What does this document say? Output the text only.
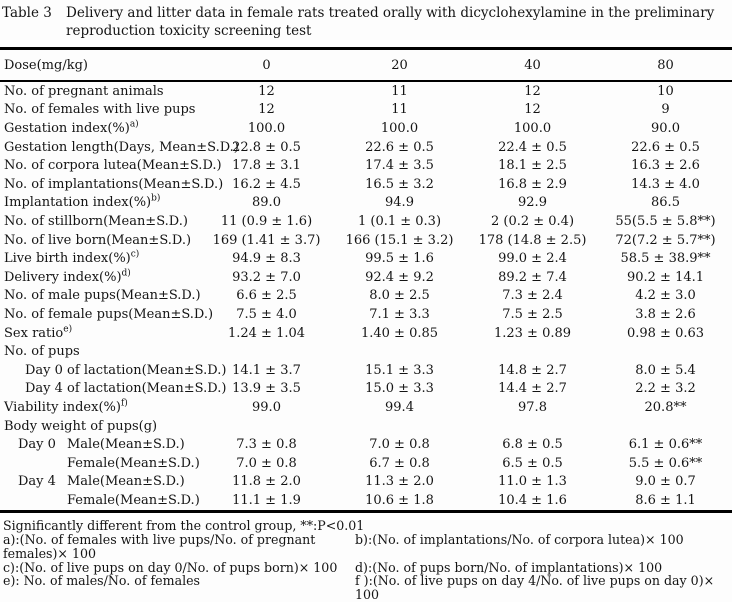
Table 3	Delivery and litter data in female rats treated orally with dicyclohexylamine in the preliminary
reproduction toxicity screening test
Dose(mg/kg)	0	20	40	80
No. of pregnant animals	12	11	12	10
No. of females with live pups	12	11	12	9
Gestation index(%)$^{a)}$	100.0	100.0	100.0	90.0
Gestation length(Days, Mean±S.D.)	22.8 ± 0.5	22.6 ± 0.5	22.4 ± 0.5	22.6 ± 0.5
No. of corpora lutea(Mean±S.D.)	17.8 ± 3.1	17.4 ± 3.5	18.1 ± 2.5	16.3 ± 2.6
No. of implantations(Mean±S.D.)	16.2 ± 4.5	16.5 ± 3.2	16.8 ± 2.9	14.3 ± 4.0
Implantation index(%)$^{b)}$	89.0	94.9	92.9	86.5
No. of stillborn(Mean±S.D.)	11 (0.9 ± 1.6)	1 (0.1 ± 0.3)	2 (0.2 ± 0.4)	55(5.5 ± 5.8**)
No. of live born(Mean±S.D.)	169 (1.41 ± 3.7)	166 (15.1 ± 3.2)	178 (14.8 ± 2.5)	72(7.2 ± 5.7**)
Live birth index(%)$^{c)}$	94.9 ± 8.3	99.5 ± 1.6	99.0 ± 2.4	58.5 ± 38.9**
Delivery index(%)$^{d)}$	93.2 ± 7.0	92.4 ± 9.2	89.2 ± 7.4	90.2 ± 14.1
No. of male pups(Mean±S.D.)	6.6 ± 2.5	8.0 ± 2.5	7.3 ± 2.4	4.2 ± 3.0
No. of female pups(Mean±S.D.)	7.5 ± 4.0	7.1 ± 3.3	7.5 ± 2.5	3.8 ± 2.6
Sex ratio$^{e)}$	1.24 ± 1.04	1.40 ± 0.85	1.23 ± 0.89	0.98 ± 0.63
No. of pups				
Day 0 of lactation(Mean±S.D.)	14.1 ± 3.7	15.1 ± 3.3	14.8 ± 2.7	8.0 ± 5.4
Day 4 of lactation(Mean±S.D.)	13.9 ± 3.5	15.0 ± 3.3	14.4 ± 2.7	2.2 ± 3.2
Viability index(%)$^{f)}$	99.0	99.4	97.8	20.8**
Body weight of pups(g)				
Day 0 Male(Mean±S.D.)	7.3 ± 0.8	7.0 ± 0.8	6.8 ± 0.5	6.1 ± 0.6**
Female(Mean±S.D.)	7.0 ± 0.8	6.7 ± 0.8	6.5 ± 0.5	5.5 ± 0.6**
Day 4 Male(Mean±S.D.)	11.8 ± 2.0	11.3 ± 2.0	11.0 ± 1.3	9.0 ± 0.7
Female(Mean±S.D.)	11.1 ± 1.9	10.6 ± 1.8	10.4 ± 1.6	8.6 ± 1.1
Significantly different from the control group, **:P<0.01
a):(No. of females with live pups/No. of pregnant females)× 100
b):(No. of implantations/No. of corpora lutea)× 100
c):(No. of live pups on day 0/No. of pups born)× 100	d):(No. of pups born/No. of implantations)× 100
e): No. of males/No. of females	f ):(No. of live pups on day 4/No. of live pups on day 0)× 100
